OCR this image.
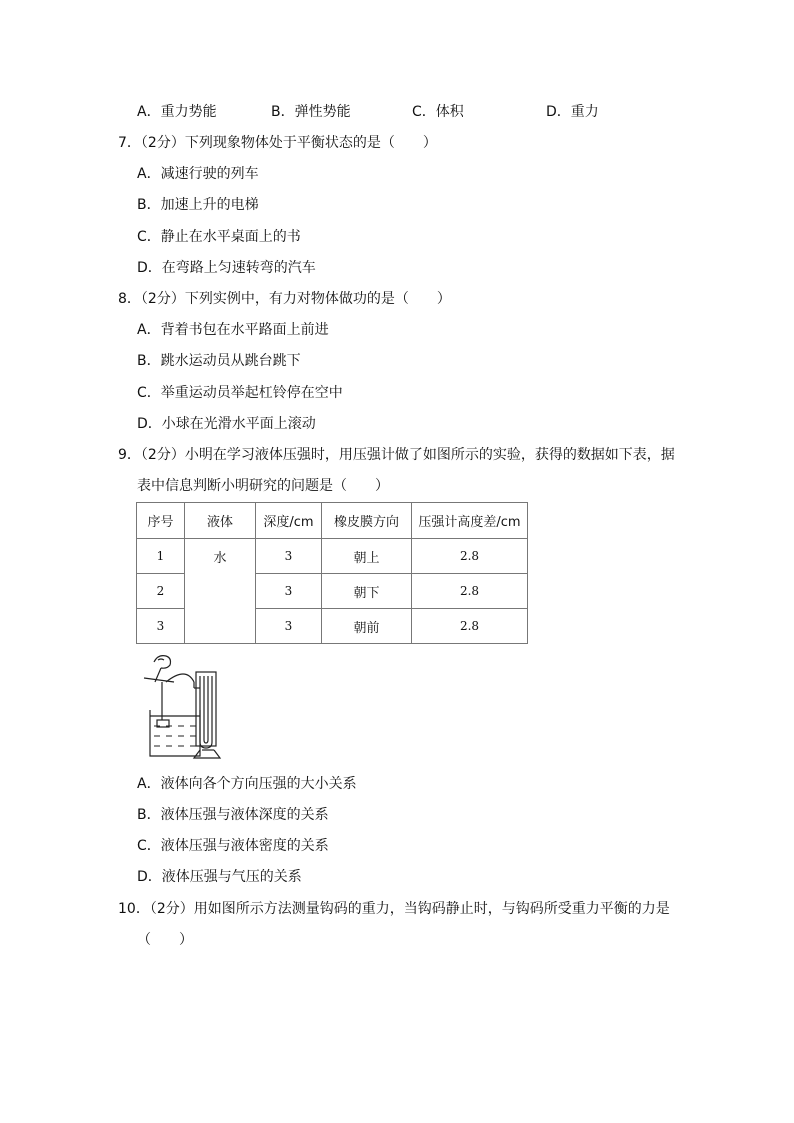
A．重力势能	B．弹性势能	C．体积	D．重力
7．（2分）下列现象物体处于平衡状态的是（　　）
A．减速行驶的列车
B．加速上升的电梯
C．静止在水平桌面上的书
D．在弯路上匀速转弯的汽车
8．（2分）下列实例中，有力对物体做功的是（　　）
A．背着书包在水平路面上前进
B．跳水运动员从跳台跳下
C．举重运动员举起杠铃停在空中
D．小球在光滑水平面上滚动
9．（2分）小明在学习液体压强时，用压强计做了如图所示的实验，获得的数据如下表，据
表中信息判断小明研究的问题是（　　）
序号	液体	深度/cm	橡皮膜方向	压强计高度差/cm
1	水	3	朝上	2.8
2		3	朝下	2.8
3		3	朝前	2.8
A．液体向各个方向压强的大小关系
B．液体压强与液体深度的关系
C．液体压强与液体密度的关系
D．液体压强与气压的关系
10．（2分）用如图所示方法测量钩码的重力，当钩码静止时，与钩码所受重力平衡的力是
（　　）
